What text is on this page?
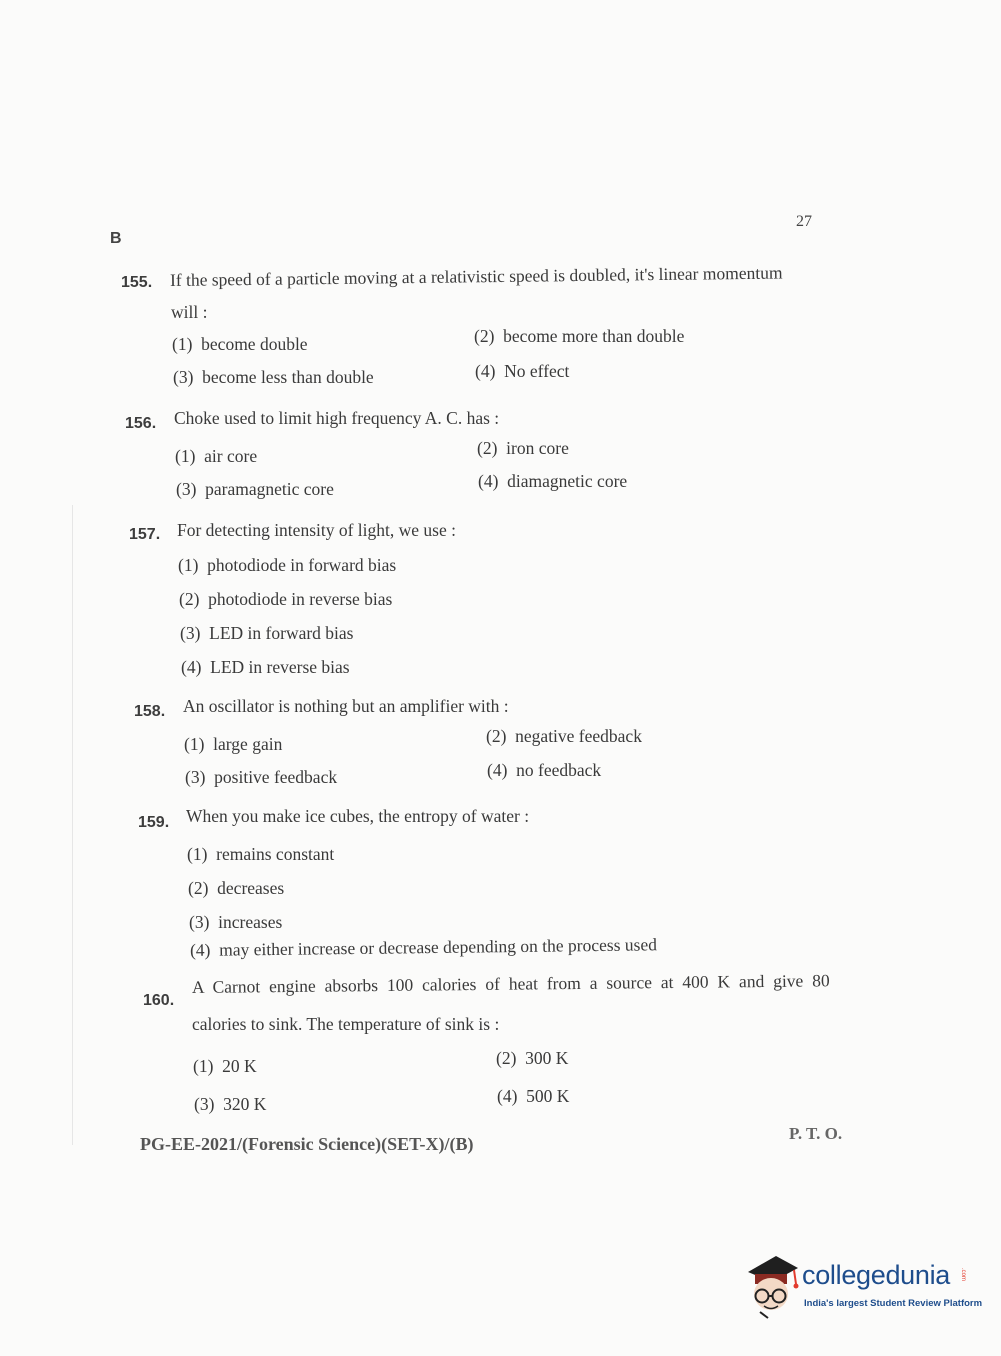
B
27
155. If the speed of a particle moving at a relativistic speed is doubled, it's linear momentum
will :
(1) become double	(2) become more than double
(3) become less than double	(4) No effect
156. Choke used to limit high frequency A. C. has :
(1) air core	(2) iron core
(3) paramagnetic core	(4) diamagnetic core
157. For detecting intensity of light, we use :
(1) photodiode in forward bias
(2) photodiode in reverse bias
(3) LED in forward bias
(4) LED in reverse bias
158. An oscillator is nothing but an amplifier with :
(1) large gain	(2) negative feedback
(3) positive feedback	(4) no feedback
159. When you make ice cubes, the entropy of water :
(1) remains constant
(2) decreases
(3) increases
(4) may either increase or decrease depending on the process used
160.
A Carnot engine absorbs 100 calories of heat from a source at 400 K and give 80
calories to sink. The temperature of sink is :
(1) 20 K	(2) 300 K
(3) 320 K	(4) 500 K
PG-EE-2021/(Forensic Science)(SET-X)/(B)
P. T. O.
collegedunia .com
India's largest Student Review Platform
